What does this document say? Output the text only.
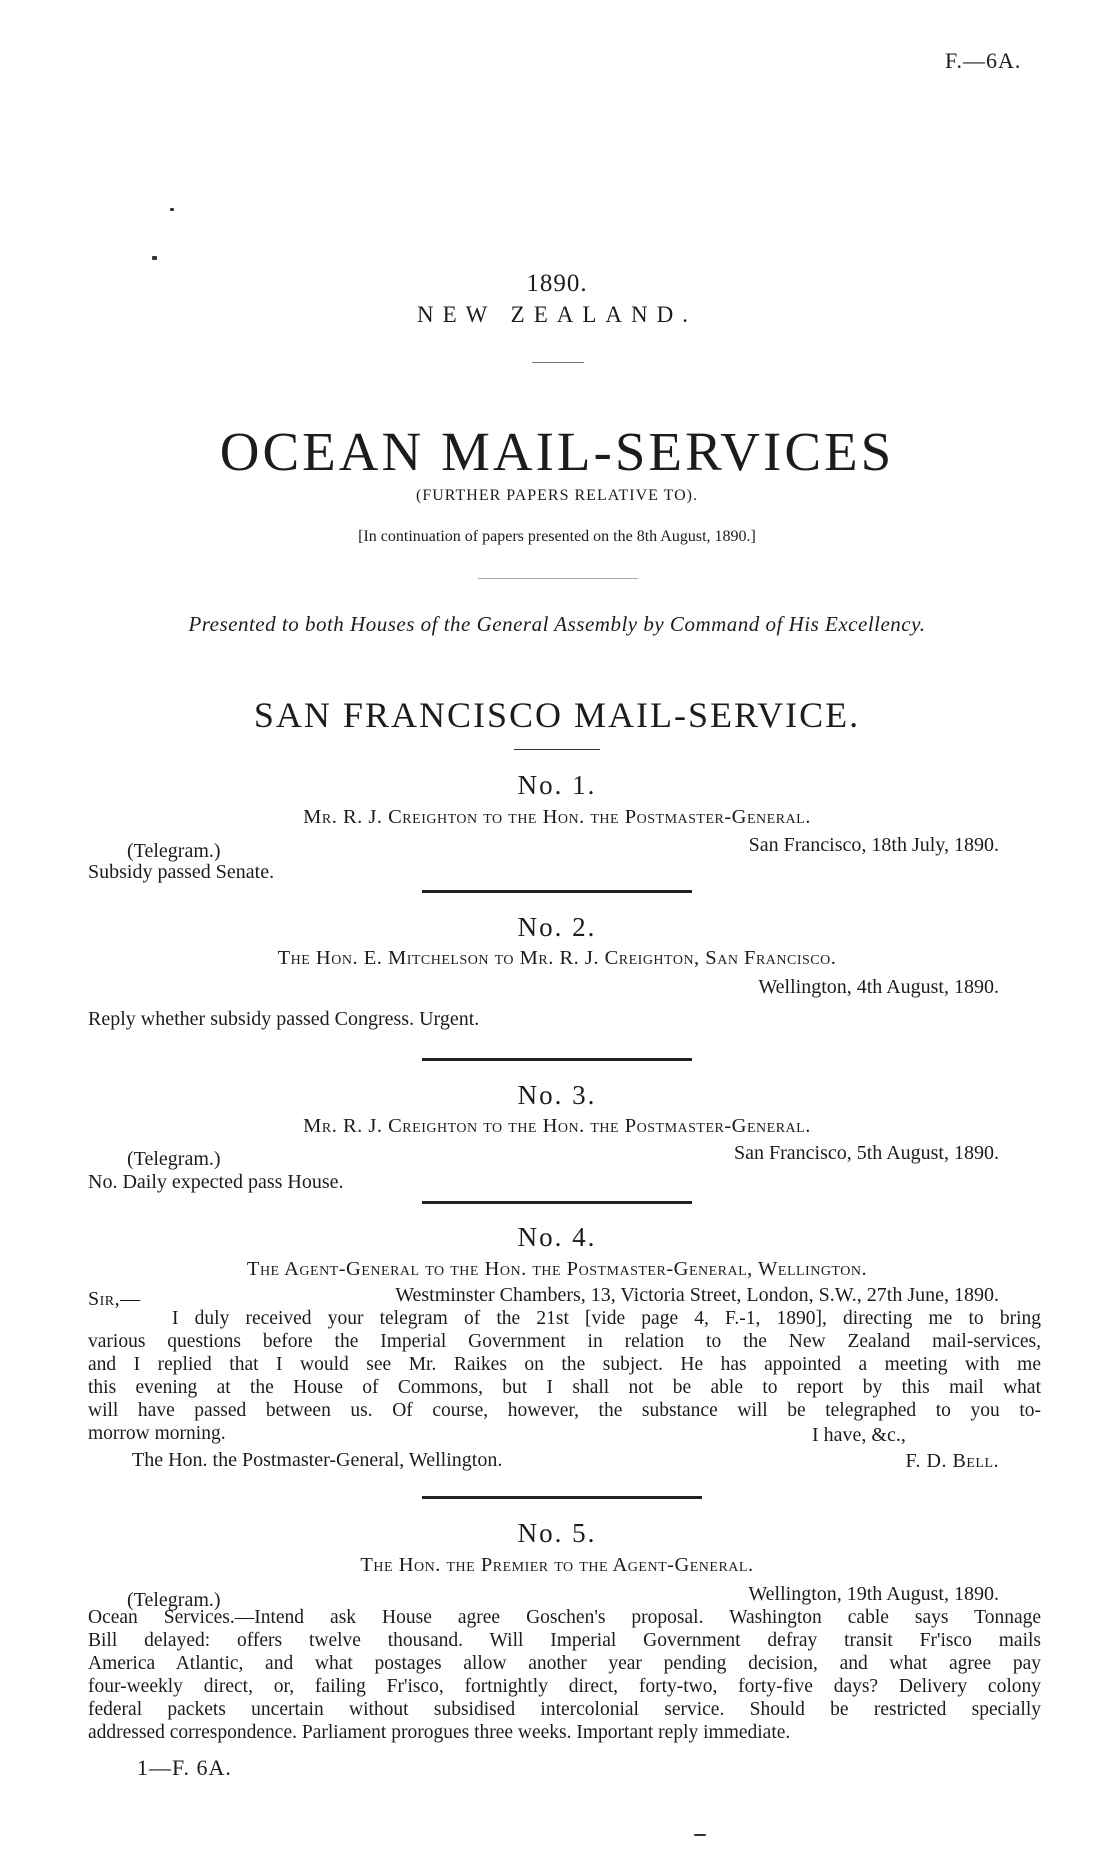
F.—6A.
1890.
NEW ZEALAND.
OCEAN MAIL-SERVICES
(FURTHER PAPERS RELATIVE TO).
[In continuation of papers presented on the 8th August, 1890.]
Presented to both Houses of the General Assembly by Command of His Excellency.
SAN FRANCISCO MAIL-SERVICE.
No. 1.
Mr. R. J. Creighton to the Hon. the Postmaster-General.
(Telegram.)	San Francisco, 18th July, 1890.
Subsidy passed Senate.
No. 2.
The Hon. E. Mitchelson to Mr. R. J. Creighton, San Francisco.
Wellington, 4th August, 1890.
Reply whether subsidy passed Congress. Urgent.
No. 3.
Mr. R. J. Creighton to the Hon. the Postmaster-General.
(Telegram.)	San Francisco, 5th August, 1890.
No. Daily expected pass House.
No. 4.
The Agent-General to the Hon. the Postmaster-General, Wellington.
Sir,—	Westminster Chambers, 13, Victoria Street, London, S.W., 27th June, 1890.
I duly received your telegram of the 21st [vide page 4, F.-1, 1890], directing me to bring
various questions before the Imperial Government in relation to the New Zealand mail-services,
and I replied that I would see Mr. Raikes on the subject. He has appointed a meeting with me
this evening at the House of Commons, but I shall not be able to report by this mail what
will have passed between us. Of course, however, the substance will be telegraphed to you to-
morrow morning.	I have, &c.,
The Hon. the Postmaster-General, Wellington.	F. D. Bell.
No. 5.
The Hon. the Premier to the Agent-General.
(Telegram.)	Wellington, 19th August, 1890.
Ocean Services.—Intend ask House agree Goschen's proposal. Washington cable says Tonnage
Bill delayed: offers twelve thousand. Will Imperial Government defray transit Fr'isco mails
America Atlantic, and what postages allow another year pending decision, and what agree pay
four-weekly direct, or, failing Fr'isco, fortnightly direct, forty-two, forty-five days? Delivery colony
federal packets uncertain without subsidised intercolonial service. Should be restricted specially
addressed correspondence. Parliament prorogues three weeks. Important reply immediate.
1—F. 6A.
